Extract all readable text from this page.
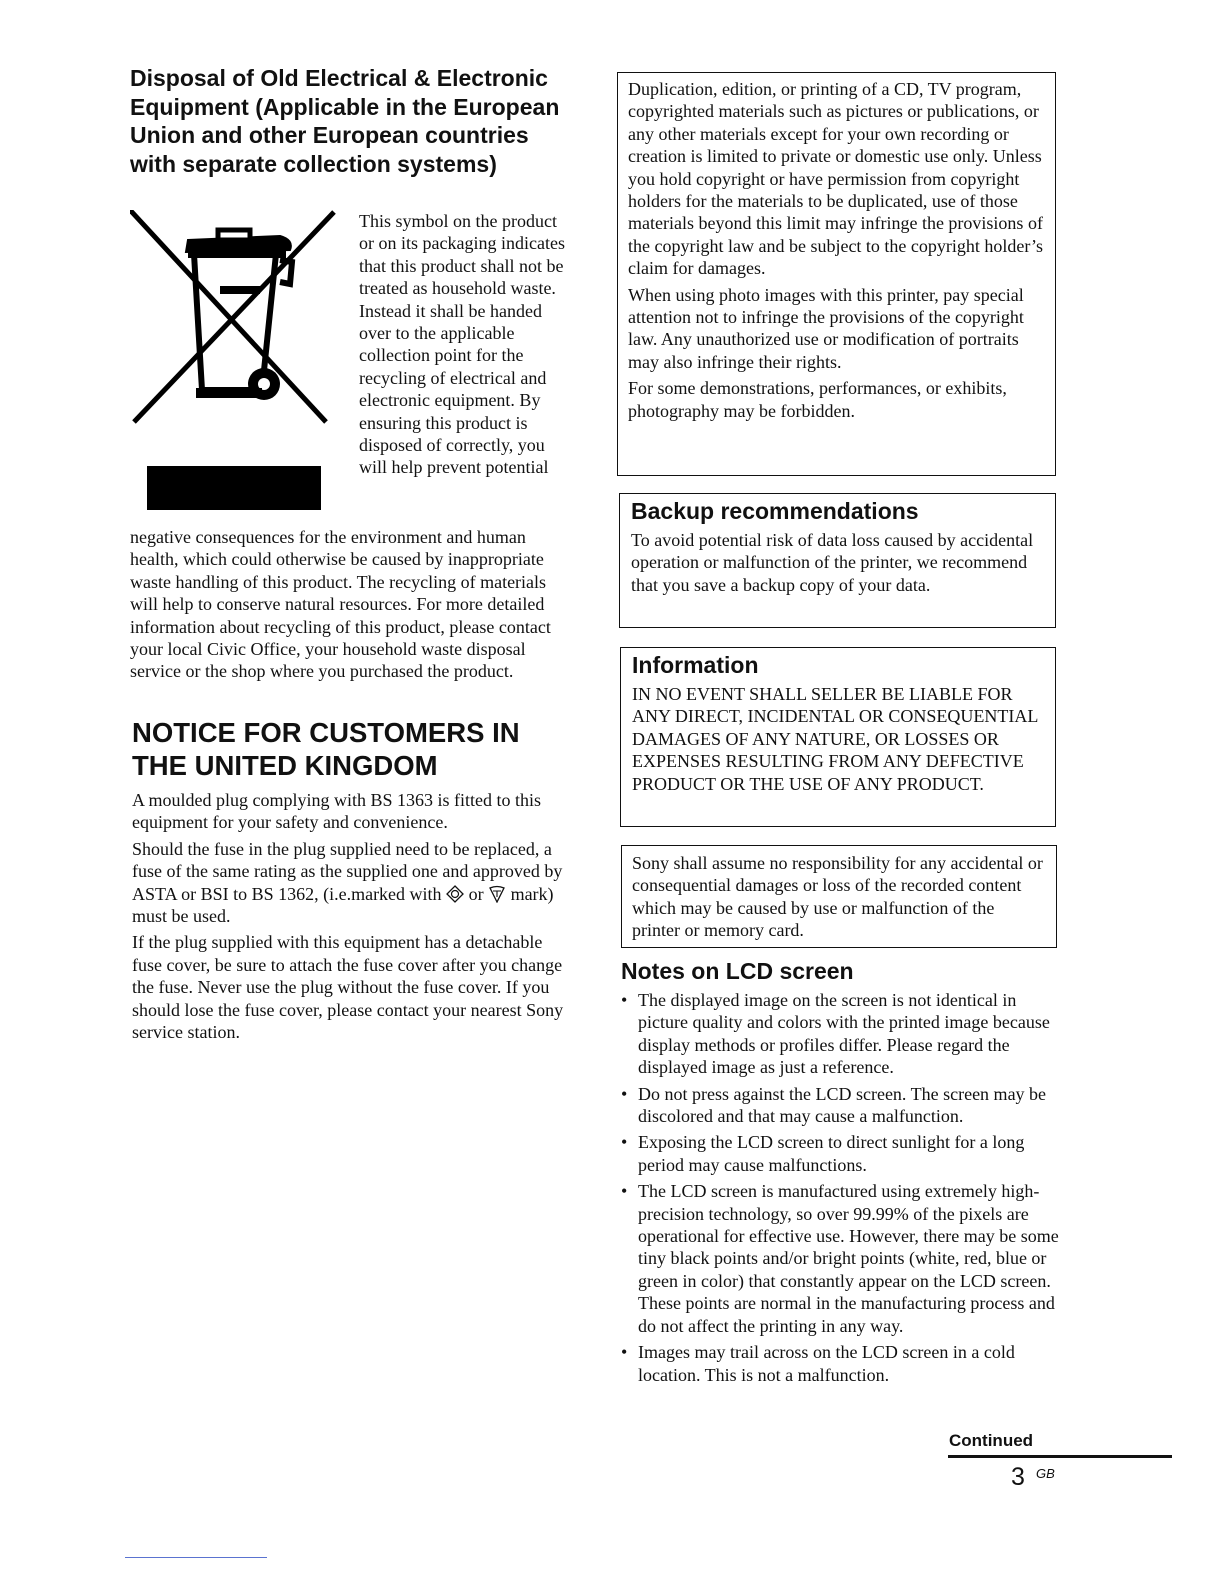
Disposal of Old Electrical & Electronic Equipment (Applicable in the European Union and other European countries with separate collection systems)

This symbol on the product or on its packaging indicates that this product shall not be treated as household waste. Instead it shall be handed over to the applicable collection point for the recycling of electrical and electronic equipment. By ensuring this product is disposed of correctly, you will help prevent potential

negative consequences for the environment and human health, which could otherwise be caused by inappropriate waste handling of this product. The recycling of materials will help to conserve natural resources. For more detailed information about recycling of this product, please contact your local Civic Office, your household waste disposal service or the shop where you purchased the product.

NOTICE FOR CUSTOMERS IN THE UNITED KINGDOM

A moulded plug complying with BS 1363 is fitted to this equipment for your safety and convenience.

Should the fuse in the plug supplied need to be replaced, a fuse of the same rating as the supplied one and approved by ASTA or BSI to BS 1362, (i.e.marked with or mark) must be used.

If the plug supplied with this equipment has a detachable fuse cover, be sure to attach the fuse cover after you change the fuse. Never use the plug without the fuse cover. If you should lose the fuse cover, please contact your nearest Sony service station.

Duplication, edition, or printing of a CD, TV program, copyrighted materials such as pictures or publications, or any other materials except for your own recording or creation is limited to private or domestic use only. Unless you hold copyright or have permission from copyright holders for the materials to be duplicated, use of those materials beyond this limit may infringe the provisions of the copyright law and be subject to the copyright holder’s claim for damages.

When using photo images with this printer, pay special attention not to infringe the provisions of the copyright law. Any unauthorized use or modification of portraits may also infringe their rights.

For some demonstrations, performances, or exhibits, photography may be forbidden.

Backup recommendations

To avoid potential risk of data loss caused by accidental operation or malfunction of the printer, we recommend that you save a backup copy of your data.

Information

IN NO EVENT SHALL SELLER BE LIABLE FOR ANY DIRECT, INCIDENTAL OR CONSEQUENTIAL DAMAGES OF ANY NATURE, OR LOSSES OR EXPENSES RESULTING FROM ANY DEFECTIVE PRODUCT OR THE USE OF ANY PRODUCT.

Sony shall assume no responsibility for any accidental or consequential damages or loss of the recorded content which may be caused by use or malfunction of the printer or memory card.

Notes on LCD screen
• The displayed image on the screen is not identical in picture quality and colors with the printed image because display methods or profiles differ. Please regard the displayed image as just a reference.
• Do not press against the LCD screen. The screen may be discolored and that may cause a malfunction.
• Exposing the LCD screen to direct sunlight for a long period may cause malfunctions.
• The LCD screen is manufactured using extremely high-precision technology, so over 99.99% of the pixels are operational for effective use. However, there may be some tiny black points and/or bright points (white, red, blue or green in color) that constantly appear on the LCD screen. These points are normal in the manufacturing process and do not affect the printing in any way.
• Images may trail across on the LCD screen in a cold location. This is not a malfunction.
Continued
3 GB
